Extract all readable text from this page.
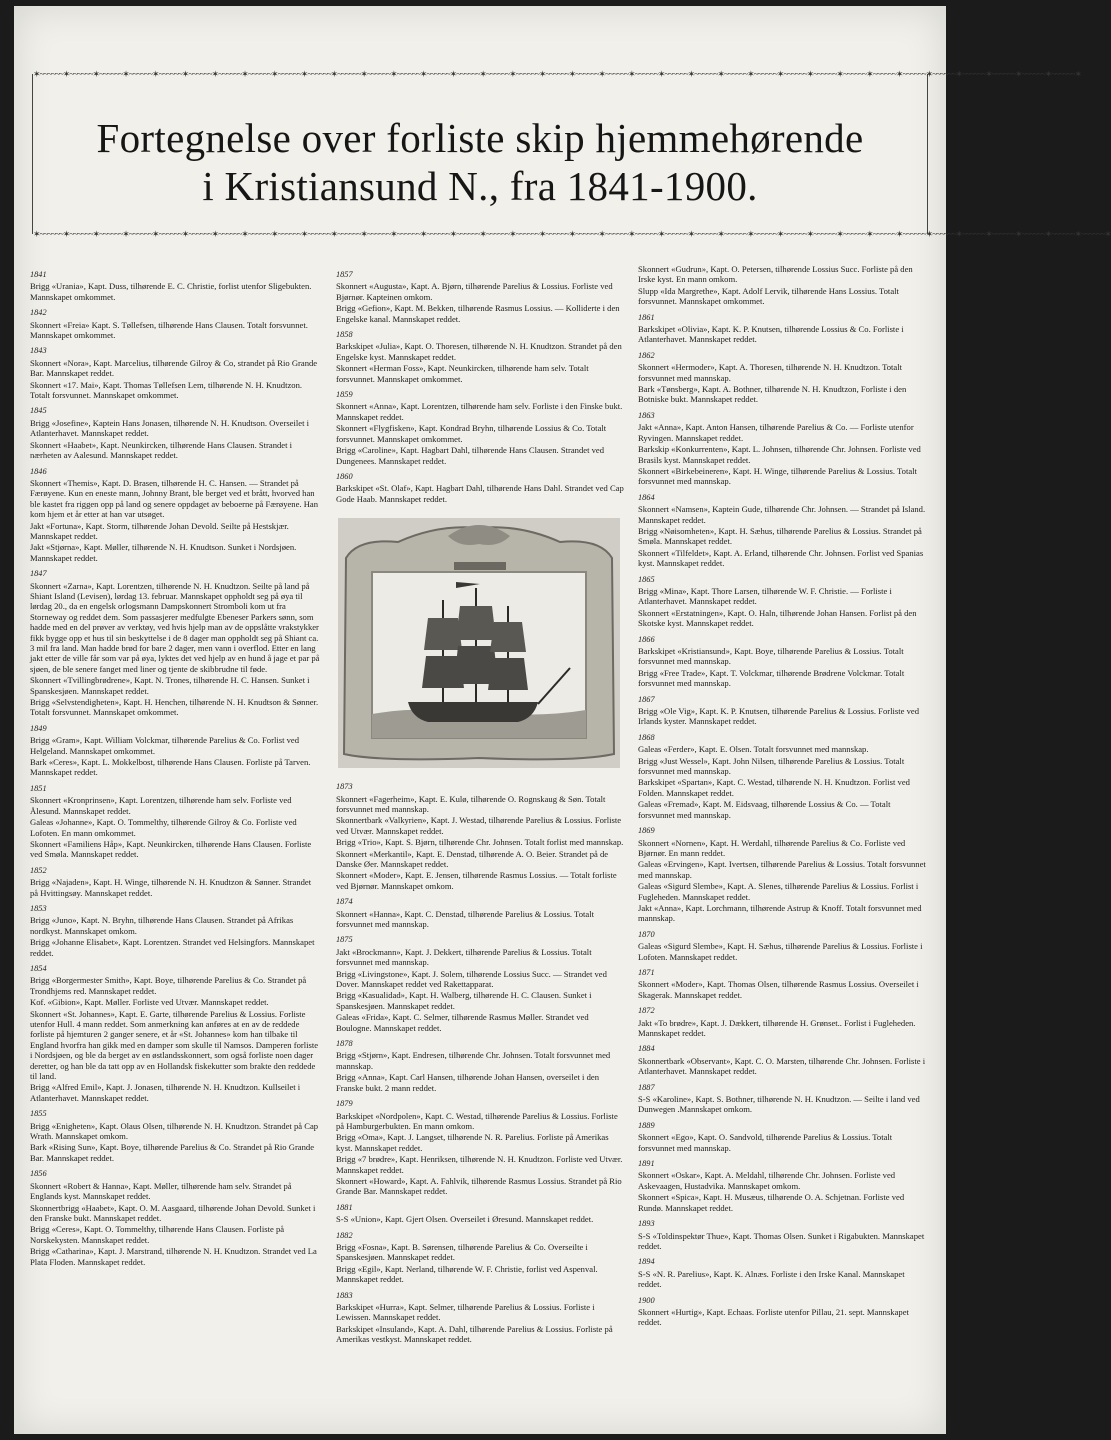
✶~~~~~~✶~~~~~~✶~~~~~~✶~~~~~~✶~~~~~~✶~~~~~~✶~~~~~~✶~~~~~~✶~~~~~~✶~~~~~~✶~~~~~~✶~~~~~~✶~~~~~~✶~~~~~~✶~~~~~~✶~~~~~~✶~~~~~~✶~~~~~~✶~~~~~~✶~~~~~~✶~~~~~~✶~~~~~~✶~~~~~~✶~~~~~~✶~~~~~~✶~~~~~~✶~~~~~~✶~~~~~~✶~~~~~~✶~~~~~~✶~~~~~~✶~~~~~~✶~~~~~~✶~~~~~~✶~~~~~~✶
Fortegnelse over forliste skip hjemmehørende
i Kristiansund N., fra 1841-1900.
✶~~~~~~✶~~~~~~✶~~~~~~✶~~~~~~✶~~~~~~✶~~~~~~✶~~~~~~✶~~~~~~✶~~~~~~✶~~~~~~✶~~~~~~✶~~~~~~✶~~~~~~✶~~~~~~✶~~~~~~✶~~~~~~✶~~~~~~✶~~~~~~✶~~~~~~✶~~~~~~✶~~~~~~✶~~~~~~✶~~~~~~✶~~~~~~✶~~~~~~✶~~~~~~✶~~~~~~✶~~~~~~✶~~~~~~✶~~~~~~✶~~~~~~✶~~~~~~✶~~~~~~✶~~~~~~✶~~~~~~✶~~~~~~✶
1841
Brigg «Urania», Kapt. Duss, tilhørende E. C. Christie, forlist utenfor Sligebukten. Mannskapet omkommet.
1842
Skonnert «Freia» Kapt. S. Tøllefsen, tilhørende Hans Clausen. Totalt forsvunnet. Mannskapet omkommet.
1843
Skonnert «Nora», Kapt. Marcelius, tilhørende Gilroy & Co, strandet på Rio Grande Bar. Mannskapet reddet.
Skonnert «17. Mai», Kapt. Thomas Tøllefsen Lem, tilhørende N. H. Knudtzon. Totalt forsvunnet. Mannskapet omkommet.
1845
Brigg «Josefine», Kaptein Hans Jonasen, tilhørende N. H. Knudtson. Overseilet i Atlanterhavet. Mannskapet reddet.
Skonnert «Haabet», Kapt. Neunkircken, tilhørende Hans Clausen. Strandet i nærheten av Aalesund. Mannskapet reddet.
1846
Skonnert «Themis», Kapt. D. Brasen, tilhørende H. C. Hansen. — Strandet på Færøyene. Kun en eneste mann, Johnny Brant, ble berget ved et brått, hvorved han ble kastet fra riggen opp på land og senere oppdaget av beboerne på Færøyene. Han kom hjem et år etter at han var utsøget.
Jakt «Fortuna», Kapt. Storm, tilhørende Johan Devold. Seilte på Hestskjær. Mannskapet reddet.
Jakt «Stjørna», Kapt. Møller, tilhørende N. H. Knudtson. Sunket i Nordsjøen. Mannskapet reddet.
1847
Skonnert «Zarna», Kapt. Lorentzen, tilhørende N. H. Knudtzon. Seilte på land på Shiant Island (Levisen), lørdag 13. februar. Mannskapet oppholdt seg på øya til lørdag 20., da en engelsk orlogsmann Dampskonnert Stromboli kom ut fra Storneway og reddet dem. Som passasjerer medfulgte Ebeneser Parkers sønn, som hadde med en del prøver av verktøy, ved hvis hjelp man av de oppslåtte vrakstykker fikk bygge opp et hus til sin beskyttelse i de 8 dager man oppholdt seg på Shiant ca. 3 mil fra land. Man hadde brød for bare 2 dager, men vann i overflod. Etter en lang jakt etter de ville får som var på øya, lyktes det ved hjelp av en hund å jage et par på sjøen, de ble senere fanget med liner og tjente de skibbrudne til føde.
Skonnert «Tvillingbrødrene», Kapt. N. Trones, tilhørende H. C. Hansen. Sunket i Spanskesjøen. Mannskapet reddet.
Brigg «Selvstendigheten», Kapt. H. Henchen, tilhørende N. H. Knudtson & Sønner. Totalt forsvunnet. Mannskapet omkommet.
1849
Brigg «Gram», Kapt. William Volckmar, tilhørende Parelius & Co. Forlist ved Helgeland. Mannskapet omkommet.
Bark «Ceres», Kapt. L. Mokkelbost, tilhørende Hans Clausen. Forliste på Tarven. Mannskapet reddet.
1851
Skonnert «Kronprinsen», Kapt. Lorentzen, tilhørende ham selv. Forliste ved Ålesund. Mannskapet reddet.
Galeas «Johanne», Kapt. O. Tommelthy, tilhørende Gilroy & Co. Forliste ved Lofoten. En mann omkommet.
Skonnert «Familiens Håp», Kapt. Neunkircken, tilhørende Hans Clausen. Forliste ved Smøla. Mannskapet reddet.
1852
Brigg «Najaden», Kapt. H. Winge, tilhørende N. H. Knudtzon & Sønner. Strandet på Hvittingsøy. Mannskapet reddet.
1853
Brigg «Juno», Kapt. N. Bryhn, tilhørende Hans Clausen. Strandet på Afrikas nordkyst. Mannskapet omkom.
Brigg «Johanne Elisabet», Kapt. Lorentzen. Strandet ved Helsingfors. Mannskapet reddet.
1854
Brigg «Borgermester Smith», Kapt. Boye, tilhørende Parelius & Co. Strandet på Trondhjems red. Mannskapet reddet.
Kof. «Gibion», Kapt. Møller. Forliste ved Utvær. Mannskapet reddet.
Skonnert «St. Johannes», Kapt. E. Garte, tilhørende Parelius & Lossius. Forliste utenfor Hull. 4 mann reddet. Som anmerkning kan anføres at en av de reddede forliste på hjemturen 2 ganger senere, et år «St. Johannes» kom han tilbake til England hvorfra han gikk med en damper som skulle til Namsos. Damperen forliste i Nordsjøen, og ble da berget av en østlandsskonnert, som også forliste noen dager deretter, og han ble da tatt opp av en Hollandsk fiskekutter som brakte den reddede til land.
Brigg «Alfred Emil», Kapt. J. Jonasen, tilhørende N. H. Knudtzon. Kullseilet i Atlanterhavet. Mannskapet reddet.
1855
Brigg «Enigheten», Kapt. Olaus Olsen, tilhørende N. H. Knudtzon. Strandet på Cap Wrath. Mannskapet omkom.
Bark «Rising Sun», Kapt. Boye, tilhørende Parelius & Co. Strandet på Rio Grande Bar. Mannskapet reddet.
1856
Skonnert «Robert & Hanna», Kapt. Møller, tilhørende ham selv. Strandet på Englands kyst. Mannskapet reddet.
Skonnertbrigg «Haabet», Kapt. O. M. Aasgaard, tilhørende Johan Devold. Sunket i den Franske bukt. Mannskapet reddet.
Brigg «Ceres», Kapt. O. Tommelthy, tilhørende Hans Clausen. Forliste på Norskekysten. Mannskapet reddet.
Brigg «Catharina», Kapt. J. Marstrand, tilhørende N. H. Knudtzon. Strandet ved La Plata Floden. Mannskapet reddet.
1857
Skonnert «Augusta», Kapt. A. Bjørn, tilhørende Parelius & Lossius. Forliste ved Bjørnør. Kapteinen omkom.
Brigg «Gefion», Kapt. M. Bekken, tilhørende Rasmus Lossius. — Kolliderte i den Engelske kanal. Mannskapet reddet.
1858
Barkskipet «Julia», Kapt. O. Thoresen, tilhørende N. H. Knudtzon. Strandet på den Engelske kyst. Mannskapet reddet.
Skonnert «Herman Foss», Kapt. Neunkircken, tilhørende ham selv. Totalt forsvunnet. Mannskapet omkommet.
1859
Skonnert «Anna», Kapt. Lorentzen, tilhørende ham selv. Forliste i den Finske bukt. Mannskapet reddet.
Skonnert «Flygfisken», Kapt. Kondrad Bryhn, tilhørende Lossius & Co. Totalt forsvunnet. Mannskapet omkommet.
Brigg «Caroline», Kapt. Hagbart Dahl, tilhørende Hans Clausen. Strandet ved Dungenees. Mannskapet reddet.
1860
Barkskipet «St. Olaf», Kapt. Hagbart Dahl, tilhørende Hans Dahl. Strandet ved Cap Gode Haab. Mannskapet reddet.
1873
Skonnert «Fagerheim», Kapt. E. Kulø, tilhørende O. Rognskaug & Søn. Totalt forsvunnet med mannskap.
Skonnertbark «Valkyrien», Kapt. J. Westad, tilhørende Parelius & Lossius. Forliste ved Utvær. Mannskapet reddet.
Brigg «Trio», Kapt. S. Bjørn, tilhørende Chr. Johnsen. Totalt forlist med mannskap.
Skonnert «Merkantil», Kapt. E. Denstad, tilhørende A. O. Beier. Strandet på de Danske Øer. Mannskapet reddet.
Skonnert «Moder», Kapt. E. Jensen, tilhørende Rasmus Lossius. — Totalt forliste ved Bjørnør. Mannskapet omkom.
1874
Skonnert «Hanna», Kapt. C. Denstad, tilhørende Parelius & Lossius. Totalt forsvunnet med mannskap.
1875
Jakt «Brockmann», Kapt. J. Dekkert, tilhørende Parelius & Lossius. Totalt forsvunnet med mannskap.
Brigg «Livingstone», Kapt. J. Solem, tilhørende Lossius Succ. — Strandet ved Dover. Mannskapet reddet ved Rakettapparat.
Brigg «Kasualidad», Kapt. H. Walberg, tilhørende H. C. Clausen. Sunket i Spanskesjøen. Mannskapet reddet.
Galeas «Frida», Kapt. C. Selmer, tilhørende Rasmus Møller. Strandet ved Boulogne. Mannskapet reddet.
1878
Brigg «Stjørn», Kapt. Endresen, tilhørende Chr. Johnsen. Totalt forsvunnet med mannskap.
Brigg «Anna», Kapt. Carl Hansen, tilhørende Johan Hansen, overseilet i den Franske bukt. 2 mann reddet.
1879
Barkskipet «Nordpolen», Kapt. C. Westad, tilhørende Parelius & Lossius. Forliste på Hamburgerbukten. En mann omkom.
Brigg «Oma», Kapt. J. Langset, tilhørende N. R. Parelius. Forliste på Amerikas kyst. Mannskapet reddet.
Brigg «7 brødre», Kapt. Henriksen, tilhørende N. H. Knudtzon. Forliste ved Utvær. Mannskapet reddet.
Skonnert «Howard», Kapt. A. Fahlvik, tilhørende Rasmus Lossius. Strandet på Rio Grande Bar. Mannskapet reddet.
1881
S-S «Union», Kapt. Gjert Olsen. Overseilet i Øresund. Mannskapet reddet.
1882
Brigg «Fosna», Kapt. B. Sørensen, tilhørende Parelius & Co. Overseilte i Spanskesjøen. Mannskapet reddet.
Brigg «Egil», Kapt. Nerland, tilhørende W. F. Christie, forlist ved Aspenval. Mannskapet reddet.
1883
Barkskipet «Hurra», Kapt. Selmer, tilhørende Parelius & Lossius. Forliste i Lewissen. Mannskapet reddet.
Barkskipet «Insuland», Kapt. A. Dahl, tilhørende Parelius & Lossius. Forliste på Amerikas vestkyst. Mannskapet reddet.
Skonnert «Gudrun», Kapt. O. Petersen, tilhørende Lossius Succ. Forliste på den Irske kyst. En mann omkom.
Slupp «Ida Margrethe», Kapt. Adolf Lervik, tilhørende Hans Lossius. Totalt forsvunnet. Mannskapet omkommet.
1861
Barkskipet «Olivia», Kapt. K. P. Knutsen, tilhørende Lossius & Co. Forliste i Atlanterhavet. Mannskapet reddet.
1862
Skonnert «Hermoder», Kapt. A. Thoresen, tilhørende N. H. Knudtzon. Totalt forsvunnet med mannskap.
Bark «Tønsberg», Kapt. A. Bothner, tilhørende N. H. Knudtzon, Forliste i den Botniske bukt. Mannskapet reddet.
1863
Jakt «Anna», Kapt. Anton Hansen, tilhørende Parelius & Co. — Forliste utenfor Ryvingen. Mannskapet reddet.
Barkskip «Konkurrenten», Kapt. L. Johnsen, tilhørende Chr. Johnsen. Forliste ved Brasils kyst. Mannskapet reddet.
Skonnert «Birkebeineren», Kapt. H. Winge, tilhørende Parelius & Lossius. Totalt forsvunnet med mannskap.
1864
Skonnert «Namsen», Kaptein Gude, tilhørende Chr. Johnsen. — Strandet på Island. Mannskapet reddet.
Brigg «Nøisomheten», Kapt. H. Sæhus, tilhørende Parelius & Lossius. Strandet på Smøla. Mannskapet reddet.
Skonnert «Tilfeldet», Kapt. A. Erland, tilhørende Chr. Johnsen. Forlist ved Spanias kyst. Mannskapet reddet.
1865
Brigg «Mina», Kapt. Thore Larsen, tilhørende W. F. Christie. — Forliste i Atlanterhavet. Mannskapet reddet.
Skonnert «Erstatningen», Kapt. O. Haln, tilhørende Johan Hansen. Forlist på den Skotske kyst. Mannskapet reddet.
1866
Barkskipet «Kristiansund», Kapt. Boye, tilhørende Parelius & Lossius. Totalt forsvunnet med mannskap.
Brigg «Free Trade», Kapt. T. Volckmar, tilhørende Brødrene Volckmar. Totalt forsvunnet med mannskap.
1867
Brigg «Ole Vig», Kapt. K. P. Knutsen, tilhørende Parelius & Lossius. Forliste ved Irlands kyster. Mannskapet reddet.
1868
Galeas «Ferder», Kapt. E. Olsen. Totalt forsvunnet med mannskap.
Brigg «Just Wessel», Kapt. John Nilsen, tilhørende Parelius & Lossius. Totalt forsvunnet med mannskap.
Barkskipet «Spartan», Kapt. C. Westad, tilhørende N. H. Knudtzon. Forlist ved Folden. Mannskapet reddet.
Galeas «Fremad», Kapt. M. Eidsvaag, tilhørende Lossius & Co. — Totalt forsvunnet med mannskap.
1869
Skonnert «Nornen», Kapt. H. Werdahl, tilhørende Parelius & Co. Forliste ved Bjørnør. En mann reddet.
Galeas «Ervingen», Kapt. Ivertsen, tilhørende Parelius & Lossius. Totalt forsvunnet med mannskap.
Galeas «Sigurd Slembe», Kapt. A. Slenes, tilhørende Parelius & Lossius. Forlist i Fugleheden. Mannskapet reddet.
Jakt «Anna», Kapt. Lorchmann, tilhørende Astrup & Knoff. Totalt forsvunnet med mannskap.
1870
Galeas «Sigurd Slembe», Kapt. H. Sæhus, tilhørende Parelius & Lossius. Forliste i Lofoten. Mannskapet reddet.
1871
Skonnert «Moder», Kapt. Thomas Olsen, tilhørende Rasmus Lossius. Overseilet i Skagerak. Mannskapet reddet.
1872
Jakt «To brødre», Kapt. J. Dækkert, tilhørende H. Grønset.. Forlist i Fugleheden. Mannskapet reddet.
1884
Skonnertbark «Observant», Kapt. C. O. Marsten, tilhørende Chr. Johnsen. Forliste i Atlanterhavet. Mannskapet reddet.
1887
S-S «Karoline», Kapt. S. Bothner, tilhørende N. H. Knudtzon. — Seilte i land ved Dunwegen .Mannskapet omkom.
1889
Skonnert «Ego», Kapt. O. Sandvold, tilhørende Parelius & Lossius. Totalt forsvunnet med mannskap.
1891
Skonnert «Oskar», Kapt. A. Meldahl, tilhørende Chr. Johnsen. Forliste ved Askevaagen, Hustadvika. Mannskapet omkom.
Skonnert «Spica», Kapt. H. Musæus, tilhørende O. A. Schjetnan. Forliste ved Rundø. Mannskapet reddet.
1893
S-S «Toldinspektør Thue», Kapt. Thomas Olsen. Sunket i Rigabukten. Mannskapet reddet.
1894
S-S «N. R. Parelius», Kapt. K. Alnæs. Forliste i den Irske Kanal. Mannskapet reddet.
1900
Skonnert «Hurtig», Kapt. Echaas. Forliste utenfor Pillau, 21. sept. Mannskapet reddet.
